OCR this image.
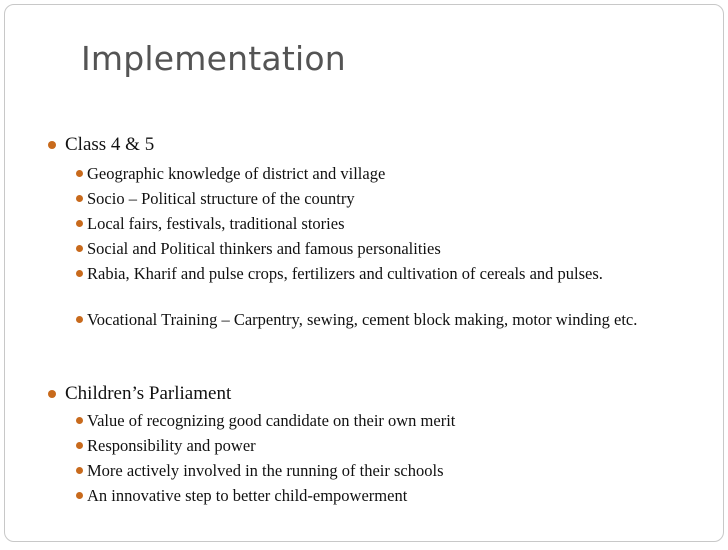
Implementation
Class 4 & 5
Geographic knowledge of district and village
Socio – Political structure of the country
Local fairs, festivals, traditional stories
Social and Political thinkers and famous personalities
Rabia, Kharif and pulse crops, fertilizers and cultivation of cereals and pulses.
Vocational Training – Carpentry, sewing, cement block making, motor winding etc.
Children’s Parliament
Value of recognizing good candidate on their own merit
Responsibility and power
More actively involved in the running of their schools
An innovative step to better child-empowerment
